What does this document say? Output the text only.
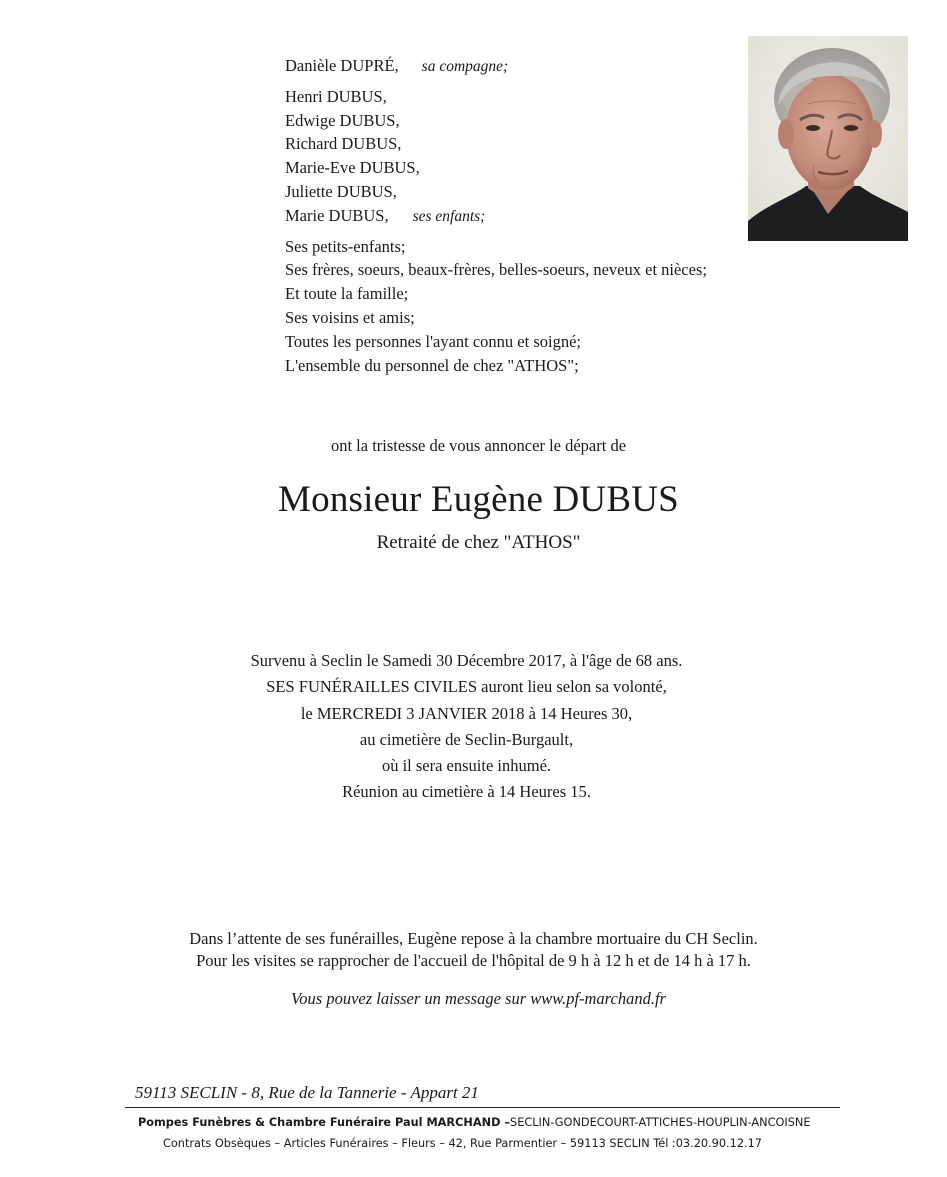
Danièle DUPRÉ, sa compagne;
Henri DUBUS,
Edwige DUBUS,
Richard DUBUS,
Marie-Eve DUBUS,
Juliette DUBUS,
Marie DUBUS, ses enfants;
Ses petits-enfants;
Ses frères, soeurs, beaux-frères, belles-soeurs, neveux et nièces;
Et toute la famille;
Ses voisins et amis;
Toutes les personnes l'ayant connu et soigné;
L'ensemble du personnel de chez "ATHOS";
ont la tristesse de vous annoncer le départ de
Monsieur Eugène DUBUS
Retraité de chez "ATHOS"
Survenu à Seclin le Samedi 30 Décembre 2017, à l'âge de 68 ans.
SES FUNÉRAILLES CIVILES auront lieu selon sa volonté,
le MERCREDI 3 JANVIER 2018 à 14 Heures 30,
au cimetière de Seclin-Burgault,
où il sera ensuite inhumé.
Réunion au cimetière à 14 Heures 15.
Dans l’attente de ses funérailles, Eugène repose à la chambre mortuaire du CH Seclin.
Pour les visites se rapprocher de l'accueil de l'hôpital de 9 h à 12 h et de 14 h à 17 h.
Vous pouvez laisser un message sur www.pf-marchand.fr
59113 SECLIN - 8, Rue de la Tannerie - Appart 21
Pompes Funèbres & Chambre Funéraire Paul MARCHAND –SECLIN-GONDECOURT-ATTICHES-HOUPLIN-ANCOISNE
Contrats Obsèques – Articles Funéraires – Fleurs – 42, Rue Parmentier – 59113 SECLIN Tél :03.20.90.12.17
